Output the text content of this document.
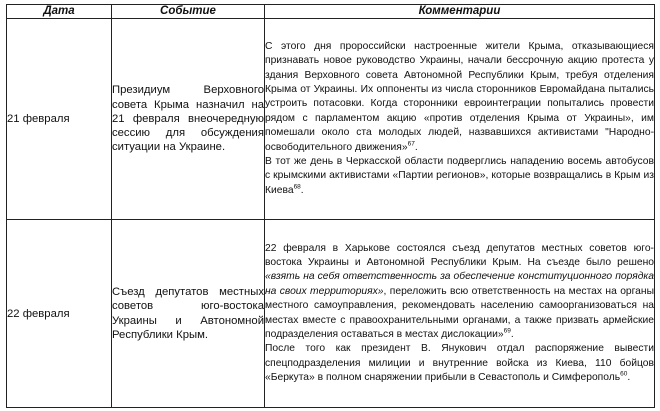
Дата	Событие	Комментарии
21 февраля	Президиум Верховного совета Крыма назначил на 21 февраля внеочередную сессию для обсуждения ситуации на Украине.	С этого дня пророссийски настроенные жители Крыма, отказывающиеся признавать новое руководство Украины, начали бессрочную акцию протеста у здания Верховного совета Автономной Республики Крым, требуя отделения Крыма от Украины. Их оппоненты из числа сторонников Евромайдана пытались устроить потасовки. Когда сторонники евроинтеграции попытались провести рядом с парламентом акцию «против отделения Крыма от Украины», им помешали около ста молодых людей, назвавшихся активистами "Народно-освободительного движения»$^{67}$.

В тот же день в Черкасской области подверглись нападению восемь автобусов с крымскими активистами «Партии регионов», которые возвращались в Крым из Киева$^{68}$.

22 февраля	Съезд депутатов местных советов юго-востока Украины и Автономной Республики Крым.	22 февраля в Харькове состоялся съезд депутатов местных советов юго-востока Украины и Автономной Республики Крым. На съезде было решено «взять на себя ответственность за обеспечение конституционного порядка на своих территориях», переложить всю ответственность на местах на органы местного самоуправления, рекомендовать населению самоорганизоваться на местах вместе с правоохранительными органами, а также призвать армейские подразделения оставаться в местах дислокации»$^{69}$.

После того как президент В. Янукович отдал распоряжение вывести спецподразделения милиции и внутренние войска из Киева, 110 бойцов «Беркута» в полном снаряжении прибыли в Севастополь и Симферополь$^{60}$.
